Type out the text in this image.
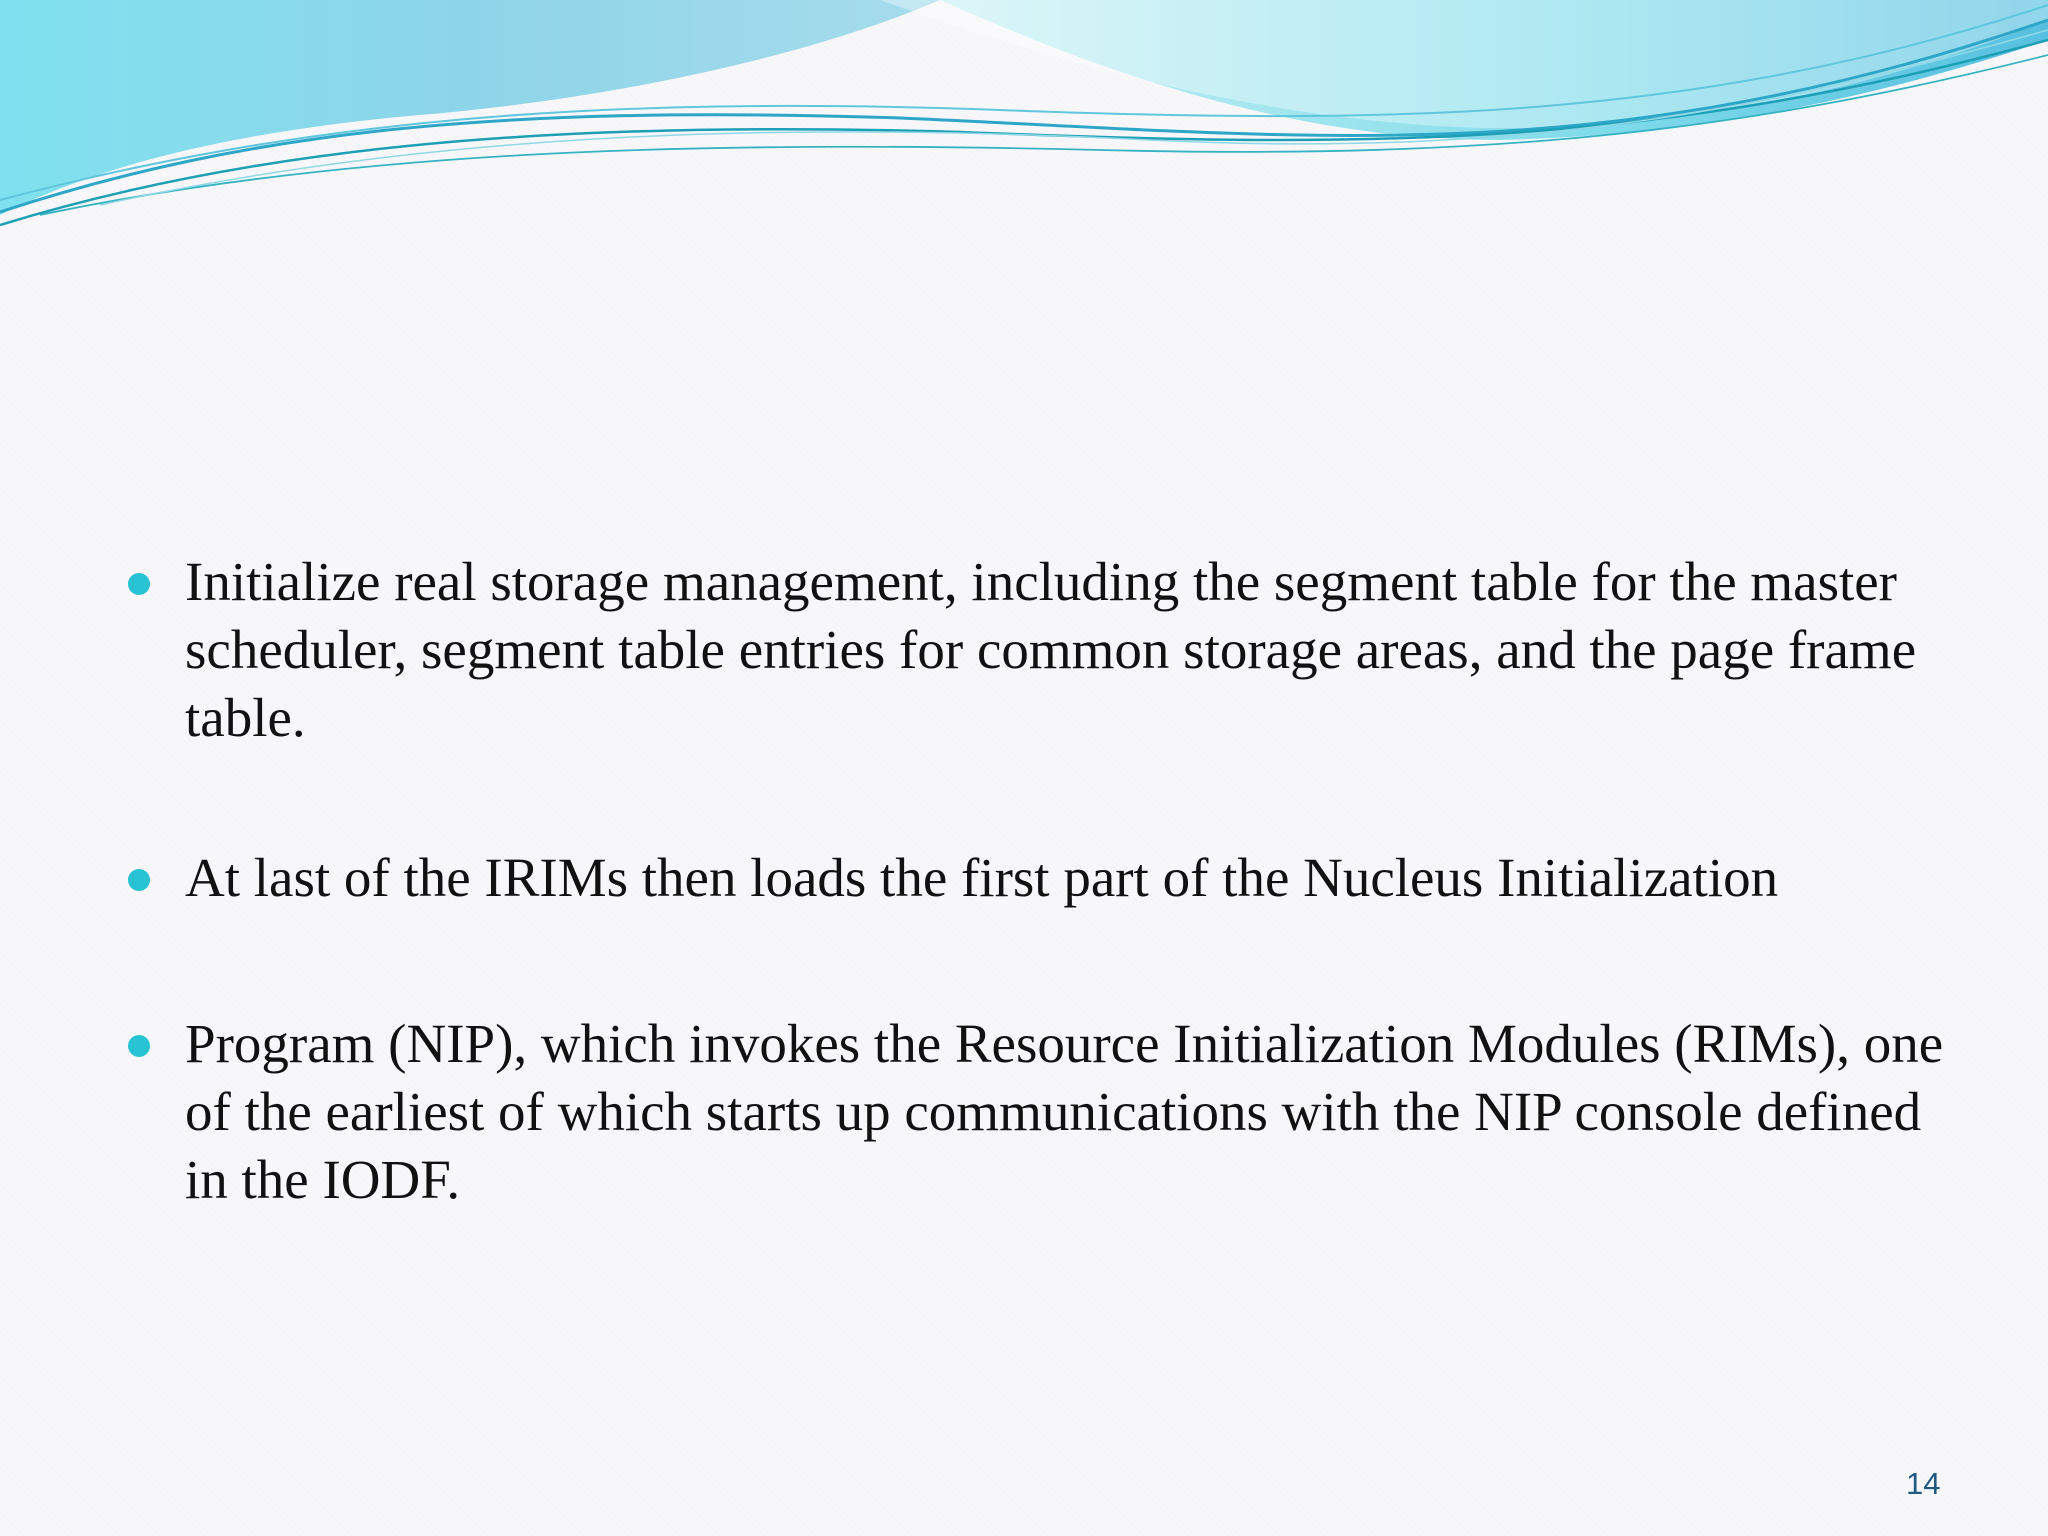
Initialize real storage management, including the segment table for the master scheduler, segment table entries for common storage areas, and the page frame table.
At last of the IRIMs then loads the first part of the Nucleus Initialization
Program (NIP), which invokes the Resource Initialization Modules (RIMs), one of the earliest of which starts up communications with the NIP console defined in the IODF.
14
